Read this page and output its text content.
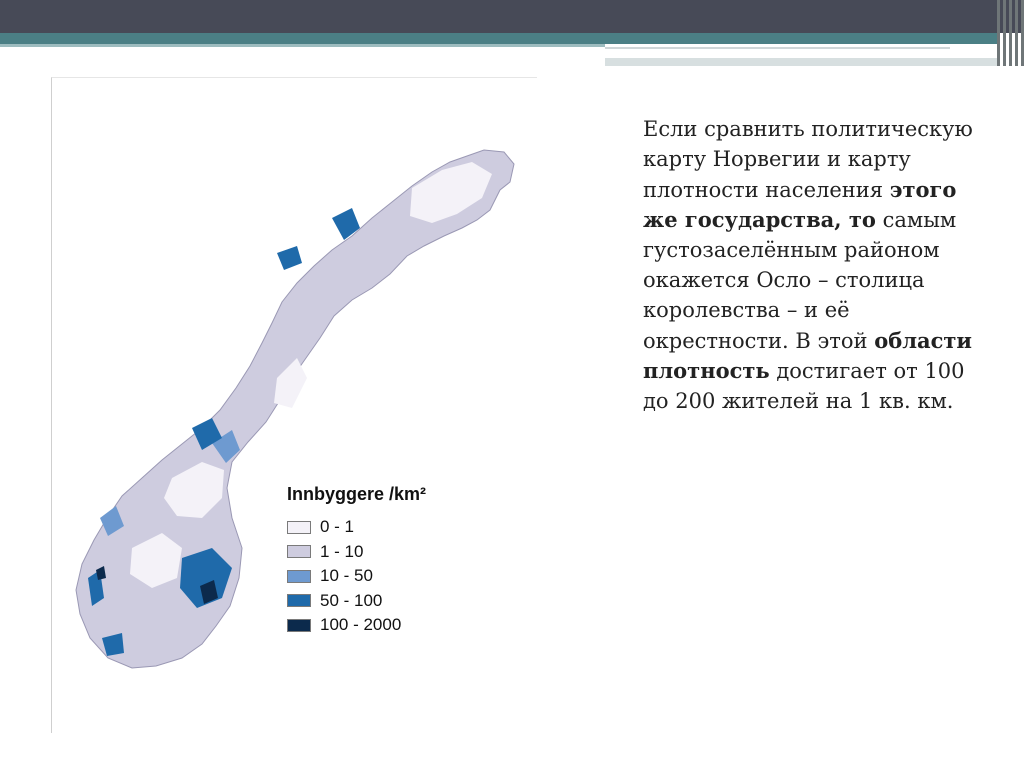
Innbyggere /km²
0 - 1
1 - 10
10 - 50
50 - 100
100 - 2000
Если сравнить политическую карту Норвегии и карту плотности населения этого же государства, то самым густозаселённым районом окажется Осло – столица королевства – и её окрестности. В этой области плотность достигает от 100 до 200 жителей на 1 кв. км.
